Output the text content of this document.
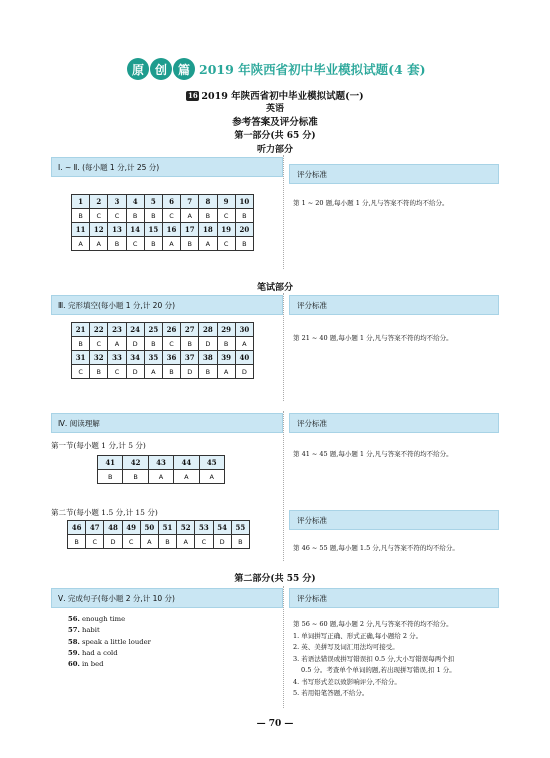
原 创 篇 2019 年陕西省初中毕业模拟试题(4 套)
16 2019 年陕西省初中毕业模拟试题(一)
英语
参考答案及评分标准
第一部分(共 65 分)
听力部分
Ⅰ. ~ Ⅱ. (每小题 1 分,计 25 分)
评分标准
第 1 ~ 20 题,每小题 1 分,凡与答案不符的均不给分。
1	2	3	4	5	6	7	8	9	10
B	C	C	B	B	C	A	B	C	B
11	12	13	14	15	16	17	18	19	20
A	A	B	C	B	A	B	A	C	B
笔试部分
Ⅲ. 完形填空(每小题 1 分,计 20 分)	评分标准
第 21 ~ 40 题,每小题 1 分,凡与答案不符的均不给分。
21	22	23	24	25	26	27	28	29	30
B	C	A	D	B	C	B	D	B	A
31	32	33	34	35	36	37	38	39	40
C	B	C	D	A	B	D	B	A	D
Ⅳ. 阅读理解	评分标准
第一节(每小题 1 分,计 5 分)
第 41 ~ 45 题,每小题 1 分,凡与答案不符的均不给分。
41	42	43	44	45
B	B	A	A	A
第二节(每小题 1.5 分,计 15 分)
评分标准
第 46 ~ 55 题,每小题 1.5 分,凡与答案不符的均不给分。
46	47	48	49	50	51	52	53	54	55
B	C	D	C	A	B	A	C	D	B
第二部分(共 55 分)
Ⅴ. 完成句子(每小题 2 分,计 10 分)	评分标准
56. enough time
57. habit
58. speak a little louder
59. had a cold
60. in bed
第 56 ~ 60 题,每小题 2 分,凡与答案不符的均不给分。
1. 单词拼写正确、形式正确,每小题给 2 分。
2. 英、美拼写及词汇用法均可接受。
3. 若语法错误或拼写错误扣 0.5 分,大小写错误每两个扣
0.5 分。考查单个单词的题,若出现拼写错误,扣 1 分。
4. 书写形式差以致影响评分,不给分。
5. 若用铅笔答题,不给分。
— 70 —
